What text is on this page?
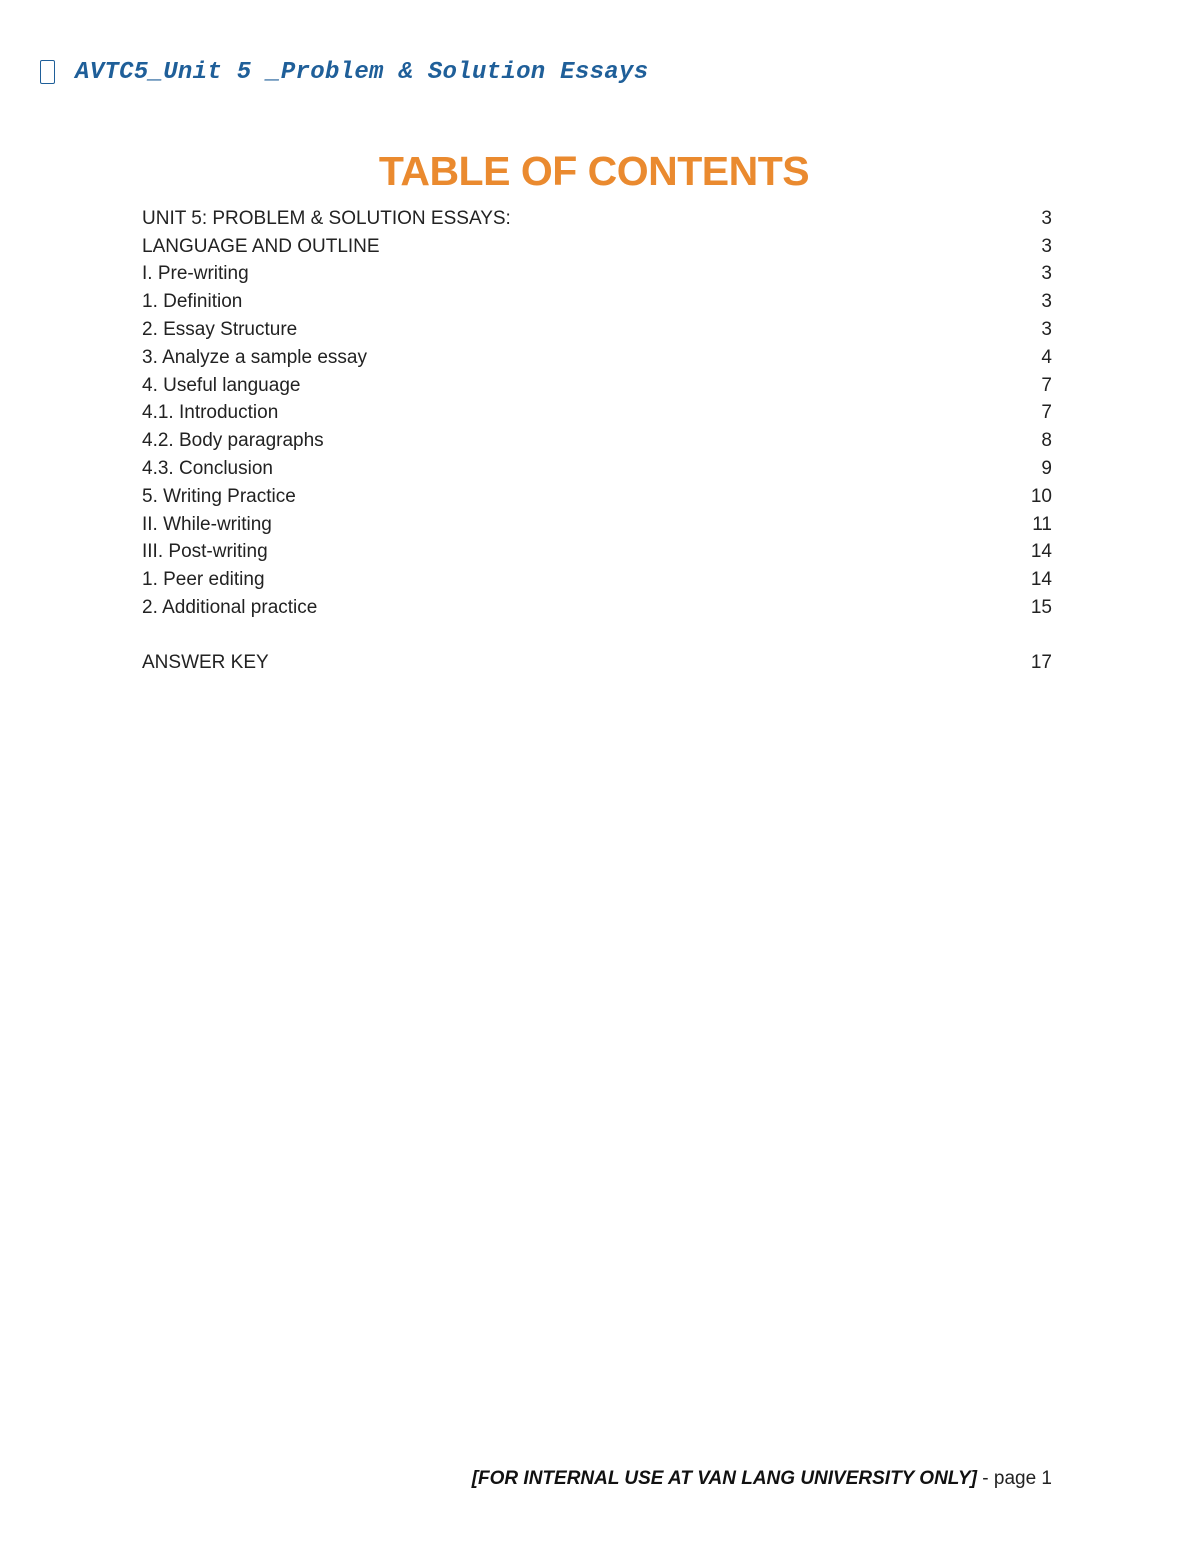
AVTC5_Unit 5 _Problem & Solution Essays
TABLE OF CONTENTS
UNIT 5: PROBLEM & SOLUTION ESSAYS:	3
LANGUAGE AND OUTLINE	3
I. Pre-writing	3
1. Definition	3
2. Essay Structure	3
3. Analyze a sample essay	4
4. Useful language	7
4.1. Introduction	7
4.2. Body paragraphs	8
4.3. Conclusion	9
5. Writing Practice	10
II. While-writing	11
III. Post-writing	14
1. Peer editing	14
2. Additional practice	15
ANSWER KEY	17
[FOR INTERNAL USE AT VAN LANG UNIVERSITY ONLY] - page 1
